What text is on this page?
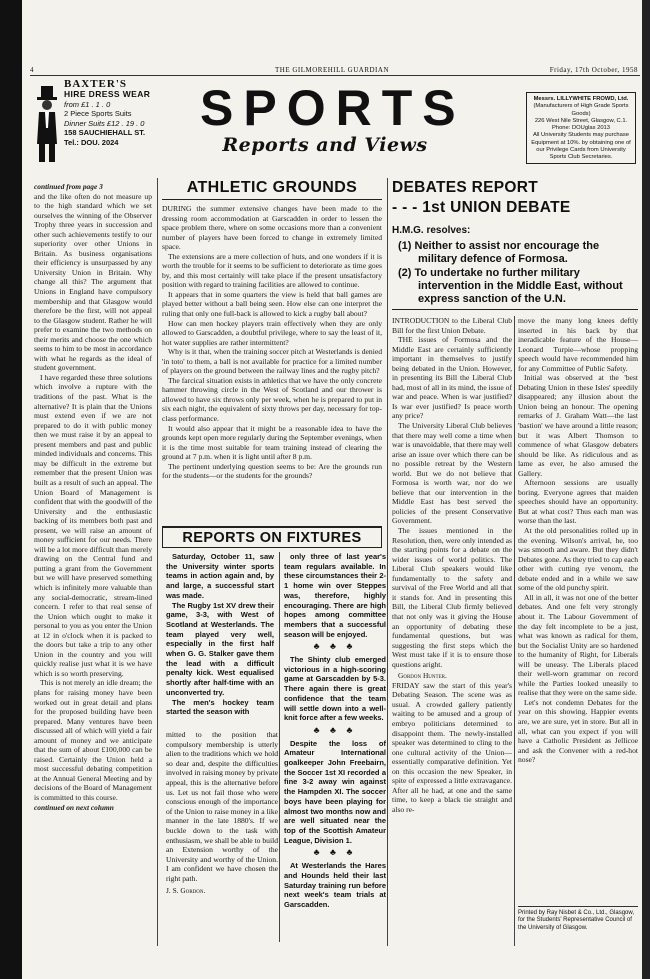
4	THE GILMOREHILL GUARDIAN	Friday, 17th October, 1958
BAXTER'S
HIRE DRESS WEAR
from £1 . 1 . 0
2 Piece Sports Suits
Dinner Suits £12 . 19 . 0
158 SAUCHIEHALL ST.
Tel.: DOU. 2024
SPORTS
Reports and Views
Messrs. LILLYWHITE FROWD, Ltd.
(Manufacturers of High Grade Sports Goods)
226 West Nile Street, Glasgow, C.1.
Phone: DOUglas 2013
All University Students may purchase Equipment at 10%. by obtaining one of our Privilege Cards from University Sports Club Secretaries.

continued from page 3

and the like often do not measure up to the high standard which we set ourselves the winning of the Observer Trophy three years in succession and other such achievements testify to our superiority over other Unions in Britain. As business organisations their efficiency is unsurpassed by any University Union in Britain. Why change all this? The argument that Unions in England have compulsory membership and that Glasgow would therefore be the first, will not appeal to the Glasgow student. Rather he will prefer to examine the two methods on their merits and choose the one which seems to him to be most in accordance with what he regards as the ideal of student government.

I have regarded these three solutions which involve a rupture with the traditions of the past. What is the alternative? It is plain that the Unions must extend even if we are not prepared to do it with public money then we must raise it by an appeal to present members and past and public minded individuals and concerns. This may be difficult in the extreme but remember that the present Union was built as a result of such an appeal. The Union Board of Management is confident that with the goodwill of the University and the enthusiastic backing of its members both past and present, we will raise an amount of money sufficient for our needs. There will be a lot more difficult than merely drawing on the Central fund and putting a grant from the Government but we will have preserved something which is infinitely more valuable than any social-democratic, stream-lined concern. I refer to that real sense of the Union which ought to make it personal to you as you enter the Union at 12 in o'clock when it is packed to the doors but take a trip to any other Union in the country and you will quickly realise just what it is we have which is so worth preserving.

This is not merely an idle dream; the plans for raising money have been worked out in great detail and plans for the proposed building have been prepared. Many ventures have been discussed all of which will yield a fair amount of money and we anticipate that the sum of about £100,000 can be raised. Certainly the Union held a most successful debating competition at the Annual General Meeting and by decisions of the Board of Management is committed to this course.

continued on next column

ATHLETIC GROUNDS

DURING the summer extensive changes have been made to the dressing room accommodation at Garscadden in order to lessen the space problem there, where on some occasions more than a convenient number of players have been forced to change in extremely limited space.

The extensions are a mere collection of huts, and one wonders if it is worth the trouble for it seems to be sufficient to deteriorate as time goes by, and this most certainly will take place if the present unsatisfactory position with regard to training facilities are allowed to continue.

It appears that in some quarters the view is held that ball games are played better without a ball being seen. How else can one interpret the ruling that only one full-back is allowed to kick a rugby ball about?

How can men hockey players train effectively when they are only allowed to Garscadden, a doubtful privilege, where to say the least of it, hot water supplies are rather intermittent?

Why is it that, when the training soccer pitch at Westerlands is denied 'in toto' to them, a ball is not available for practice for a limited number of players on the ground between the railway lines and the rugby pitch?

The farcical situation exists in athletics that we have the only concrete hammer throwing circle in the West of Scotland and our thrower is allowed to have six throws only per week, when he is prepared to put in six each night, the equivalent of sixty throws per day, necessary for top-class performance.

It would also appear that it might be a reasonable idea to have the grounds kept open more regularly during the September evenings, when it is the time most suitable for team training instead of clearing the ground at 7 p.m. when it is light until after 8 p.m.

The pertinent underlying question seems to be: Are the grounds run for the students—or the students for the grounds?

REPORTS ON FIXTURES

Saturday, October 11, saw the University winter sports teams in action again and, by and large, a successful start was made.

The Rugby 1st XV drew their game, 3-3, with West of Scotland at Westerlands. The team played very well, especially in the first half when G. G. Stalker gave them the lead with a difficult penalty kick. West equalised shortly after half-time with an unconverted try.

The men's hockey team started the season with

only three of last year's team regulars available. In these circumstances their 2-1 home win over Steppes was, therefore, highly encouraging. There are high hopes among committee members that a successful season will be enjoyed.

♣ ♣ ♣

The Shinty club emerged victorious in a high-scoring game at Garscadden by 5-3. There again there is great confidence that the team will settle down into a well-knit force after a few weeks.

♣ ♣ ♣

Despite the loss of Amateur International goalkeeper John Freebairn, the Soccer 1st XI recorded a fine 3-2 away win against the Hampden XI. The soccer boys have been playing for almost two months now and are well situated near the top of the Scottish Amateur League, Division 1.

♣ ♣ ♣

At Westerlands the Hares and Hounds held their last Saturday training run before next week's team trials at Garscadden.

mitted to the position that compulsory membership is utterly alien to the traditions which we hold so dear and, despite the difficulties involved in raising money by private appeal, this is the alternative before us. Let us not fail those who were conscious enough of the importance of the Union to raise money in a like manner in the late 1880's. If we buckle down to the task with enthusiasm, we shall be able to build an Extension worthy of the University and worthy of the Union. I am confident we have chosen the right path.

J. S. Gordon.

DEBATES REPORT
- - - 1st UNION DEBATE
H.M.G. resolves:
(1) Neither to assist nor encourage the military defence of Formosa.
(2) To undertake no further military intervention in the Middle East, without express sanction of the U.N.

INTRODUCTION to the Liberal Club Bill for the first Union Debate.

THE issues of Formosa and the Middle East are certainly sufficiently important in themselves to justify being debated in the Union. However, in presenting its Bill the Liberal Club had, most of all in its mind, the issue of war and peace. When is war justified? Is war ever justified? Is peace worth any price?

The University Liberal Club believes that there may well come a time when war is unavoidable, that there may well arise an issue over which there can be no possible retreat by the Western world. But we do not believe that Formosa is worth war, nor do we believe that our intervention in the Middle East has best served the policies of the present Conservative Government.

The issues mentioned in the Resolution, then, were only intended as the starting points for a debate on the wider issues of world politics. The Liberal Club speakers would like fundamentally to the safety and survival of the Free World and all that it stands for. And in presenting this Bill, the Liberal Club firmly believed that not only was it giving the House an opportunity of debating these fundamental questions, but was suggesting the first steps which the West must take if it is to ensure those questions aright.

Gordon Hunter.

FRIDAY saw the start of this year's Debating Season. The scene was as usual. A crowded gallery patiently waiting to be amused and a group of embryo politicians determined to disappoint them. The newly-installed speaker was determined to cling to the one cultural activity of the Union—essentially comparative definition. Yet on this occasion the new Speaker, in spite of expressed a little extravagance. After all he had, at one and the same time, to keep a black tie straight and also re-

move the many long knees deftly inserted in his back by that ineradicable feature of the House—Leonard Turpie—whose propping speech would have recommended him for any Committee of Public Safety.

Initial was observed at the 'best Debating Union in these Isles' speedily disappeared; any illusion about the Union being an honour. The opening remarks of J. Graham Watt—the last 'bastion' we have around a little reason; but it was Albert Thomson to commence of what Glasgow debaters should be like. As ridiculous and as lame as ever, he also amused the Gallery.

Afternoon sessions are usually boring. Everyone agrees that maiden speeches should have an opportunity. But at what cost? Thus each man was worse than the last.

At the old personalities rolled up in the evening. Wilson's arrival, he, too was smooth and aware. But they didn't Debates gone. As they tried to cap each other with cutting rye venom, the debate ended and in a while we saw some of the old punchy spirit.

All in all, it was not one of the better debates. And one felt very strongly about it. The Labour Government of the day felt incomplete to be a just, what was known as radical for them, but the Socialist Unity are so hardened to the humanity of Right, for Liberals will be uneasy. The Liberals placed their well-worn grammar on record while the Parties looked uneasily to realise that they were on the same side.

Let's not condemn Debates for the year on this showing. Happier events are, we are sure, yet in store. But all in all, what can you expect if you will have a Catholic President as Jellicoe and ask the Convener with a red-hot nose?

Printed by Ray Nisbet & Co., Ltd., Glasgow, for the Students' Representative Council of the University of Glasgow.
